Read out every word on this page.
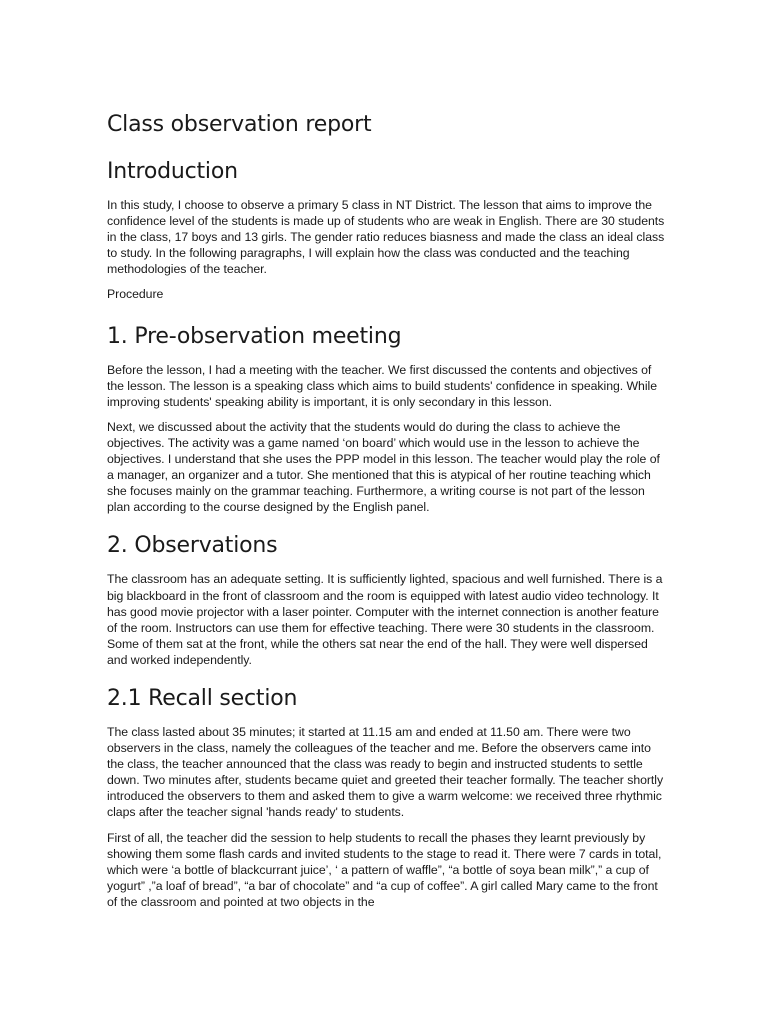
Class observation report
Introduction

In this study, I choose to observe a primary 5 class in NT District. The lesson that aims to improve the confidence level of the students is made up of students who are weak in English. There are 30 students in the class, 17 boys and 13 girls. The gender ratio reduces biasness and made the class an ideal class to study. In the following paragraphs, I will explain how the class was conducted and the teaching methodologies of the teacher.

Procedure

1. Pre-observation meeting

Before the lesson, I had a meeting with the teacher. We first discussed the contents and objectives of the lesson. The lesson is a speaking class which aims to build students' confidence in speaking. While improving students' speaking ability is important, it is only secondary in this lesson.

Next, we discussed about the activity that the students would do during the class to achieve the objectives. The activity was a game named ‘on board’ which would use in the lesson to achieve the objectives. I understand that she uses the PPP model in this lesson. The teacher would play the role of a manager, an organizer and a tutor. She mentioned that this is atypical of her routine teaching which she focuses mainly on the grammar teaching. Furthermore, a writing course is not part of the lesson plan according to the course designed by the English panel.

2. Observations

The classroom has an adequate setting. It is sufficiently lighted, spacious and well furnished. There is a big blackboard in the front of classroom and the room is equipped with latest audio video technology. It has good movie projector with a laser pointer. Computer with the internet connection is another feature of the room. Instructors can use them for effective teaching. There were 30 students in the classroom. Some of them sat at the front, while the others sat near the end of the hall. They were well dispersed and worked independently.

2.1 Recall section

The class lasted about 35 minutes; it started at 11.15 am and ended at 11.50 am. There were two observers in the class, namely the colleagues of the teacher and me. Before the observers came into the class, the teacher announced that the class was ready to begin and instructed students to settle down. Two minutes after, students became quiet and greeted their teacher formally. The teacher shortly introduced the observers to them and asked them to give a warm welcome: we received three rhythmic claps after the teacher signal 'hands ready' to students.

First of all, the teacher did the session to help students to recall the phases they learnt previously by showing them some flash cards and invited students to the stage to read it. There were 7 cards in total, which were ‘a bottle of blackcurrant juice’, ‘ a pattern of waffle”, “a bottle of soya bean milk”,” a cup of yogurt” ,”a loaf of bread”, “a bar of chocolate” and “a cup of coffee”. A girl called Mary came to the front of the classroom and pointed at two objects in the
